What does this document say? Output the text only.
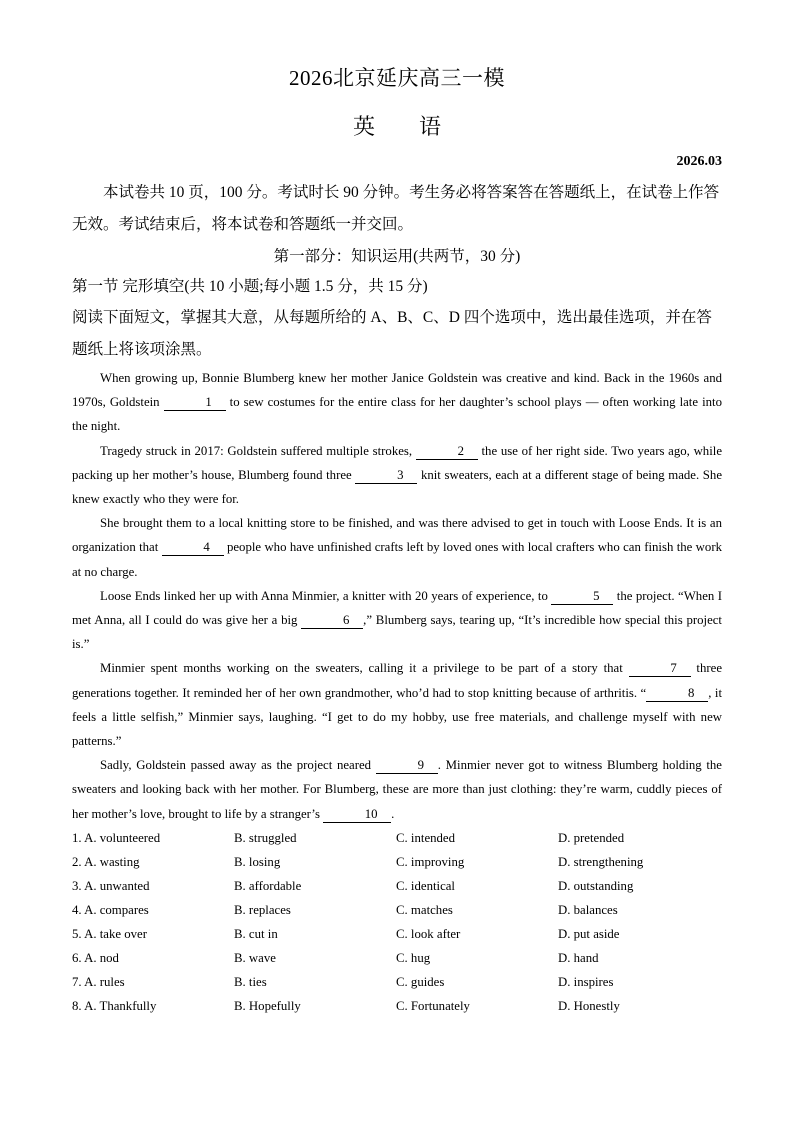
2026北京延庆高三一模
英 语
2026.03
本试卷共 10 页，100 分。考试时长 90 分钟。考生务必将答案答在答题纸上，在试卷上作答无效。考试结束后，将本试卷和答题纸一并交回。
第一部分：知识运用(共两节，30 分)
第一节 完形填空(共 10 小题;每小题 1.5 分，共 15 分)
阅读下面短文，掌握其大意，从每题所给的 A、B、C、D 四个选项中，选出最佳选项，并在答题纸上将该项涂黑。

When growing up, Bonnie Blumberg knew her mother Janice Goldstein was creative and kind. Back in the 1960s and 1970s, Goldstein	1 to sew costumes for the entire class for her daughter’s school plays — often working late into the night.

Tragedy struck in 2017: Goldstein suffered multiple strokes,	2 the use of her right side. Two years ago, while packing up her mother’s house, Blumberg found three	3 knit sweaters, each at a different stage of being made. She knew exactly who they were for.

She brought them to a local knitting store to be finished, and was there advised to get in touch with Loose Ends. It is an organization that	4 people who have unfinished crafts left by loved ones with local crafters who can finish the work at no charge.

Loose Ends linked her up with Anna Minmier, a knitter with 20 years of experience, to	5 the project. “When I met Anna, all I could do was give her a big	6 ,” Blumberg says, tearing up, “It’s incredible how special this project is.”

Minmier spent months working on the sweaters, calling it a privilege to be part of a story that	7 three generations together. It reminded her of her own grandmother, who’d had to stop knitting because of arthritis. “	8 , it feels a little selfish,” Minmier says, laughing. “I get to do my hobby, use free materials, and challenge myself with new patterns.”

Sadly, Goldstein passed away as the project neared	9 . Minmier never got to witness Blumberg holding the sweaters and looking back with her mother. For Blumberg, these are more than just clothing: they’re warm, cuddly pieces of her mother’s love, brought to life by a stranger’s	10 .

1. A. volunteered	B. struggled	C. intended	D. pretended
2. A. wasting	B. losing	C. improving	D. strengthening
3. A. unwanted	B. affordable	C. identical	D. outstanding
4. A. compares	B. replaces	C. matches	D. balances
5. A. take over	B. cut in	C. look after	D. put aside
6. A. nod	B. wave	C. hug	D. hand
7. A. rules	B. ties	C. guides	D. inspires
8. A. Thankfully	B. Hopefully	C. Fortunately	D. Honestly
